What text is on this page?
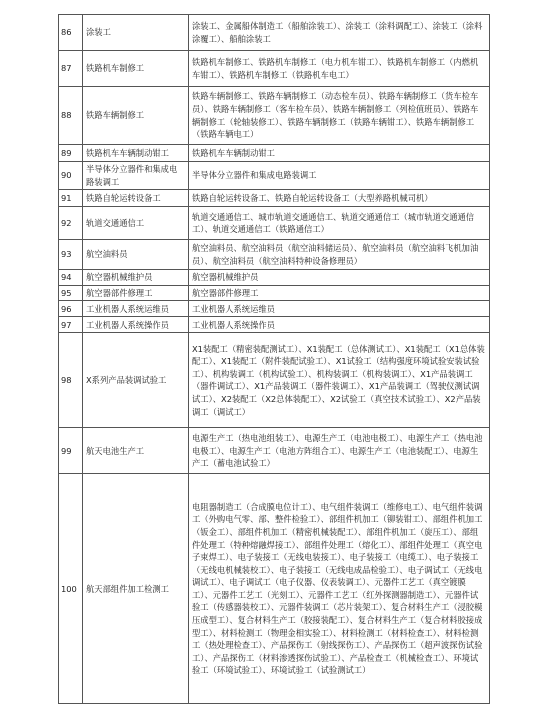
86	涂装工	涂装工、金属船体制造工（船舶涂装工）、涂装工（涂料调配工）、涂装工（涂料涂覆工）、船舶涂装工
87	铁路机车制修工	铁路机车制修工、铁路机车制修工（电力机车钳工）、铁路机车制修工（内燃机车钳工）、铁路机车制修工（铁路机车电工）
88	铁路车辆制修工	铁路车辆制修工、铁路车辆制修工（动态检车员）、铁路车辆制修工（货车检车员）、铁路车辆制修工（客车检车员）、铁路车辆制修工（列检值班员）、铁路车辆制修工（轮轴装修工）、铁路车辆制修工（铁路车辆钳工）、铁路车辆制修工（铁路车辆电工）
89	铁路机车车辆制动钳工	铁路机车车辆制动钳工
90	半导体分立器件和集成电路装调工	半导体分立器件和集成电路装调工
91	铁路自轮运转设备工	铁路自轮运转设备工、铁路自轮运转设备工（大型养路机械司机）
92	轨道交通通信工	轨道交通通信工、城市轨道交通通信工、轨道交通通信工（城市轨道交通通信工）、轨道交通通信工（铁路通信工）
93	航空油料员	航空油料员、航空油料员（航空油料储运员）、航空油料员（航空油料飞机加油员）、航空油料员（航空油料特种设备修理员）
94	航空器机械维护员	航空器机械维护员
95	航空器部件修理工	航空器部件修理工
96	工业机器人系统运维员	工业机器人系统运维员
97	工业机器人系统操作员	工业机器人系统操作员
98	X系列产品装调试验工	X1装配工（精密装配测试工）、X1装配工（总体测试工）、X1装配工（X1总体装配工）、X1装配工（附件装配试验工）、X1试验工（结构强度环境试验安装试验工）、机构装调工（机构试验工）、机构装调工（机构装调工）、X1产品装调工（器件调试工）、X1产品装调工（器件装调工）、X1产品装调工（驾驶仪测试调试工）、X2装配工（X2总体装配工）、X2试验工（真空技术试验工）、X2产品装调工（调试工）
99	航天电池生产工	电源生产工（热电池组装工）、电源生产工（电池电极工）、电源生产工（热电池电极工）、电源生产工（电池方阵组合工）、电源生产工（电池装配工）、电源生产工（蓄电池试验工）
100	航天部组件加工检测工	电阻器制造工（合成膜电位计工）、电气组件装调工（维修电工）、电气组件装调工（外购电气零、部、整件检验工）、部组件机加工（铆装钳工）、部组件机加工（钣金工）、部组件机加工（精密机械装配工）、部组件机加工（旋压工）、部组件处理工（特种熔融焊接工）、部组件处理工（熔化工）、部组件处理工（真空电子束焊工）、电子装接工（无线电装接工）、电子装接工（电缆工）、电子装接工（无线电机械装校工）、电子装接工（无线电成品检验工）、电子调试工（无线电调试工）、电子调试工（电子仪器、仪表装调工）、元器件工艺工（真空镀膜工）、元器件工艺工（光刻工）、元器件工艺工（红外探测器制造工）、元器件试验工（传感器装校工）、元器件装调工（芯片装架工）、复合材料生产工（浸胶模压成型工）、复合材料生产工（胶接装配工）、复合材料生产工（复合材料胶接成型工）、材料检测工（物理金相实验工）、材料检测工（材料检查工）、材料检测工（热处理检查工）、产品探伤工（射线探伤工）、产品探伤工（超声波探伤试验工）、产品探伤工（材料渗透探伤试验工）、产品检查工（机械检查工）、环境试验工（环境试验工）、环境试验工（试验测试工）
